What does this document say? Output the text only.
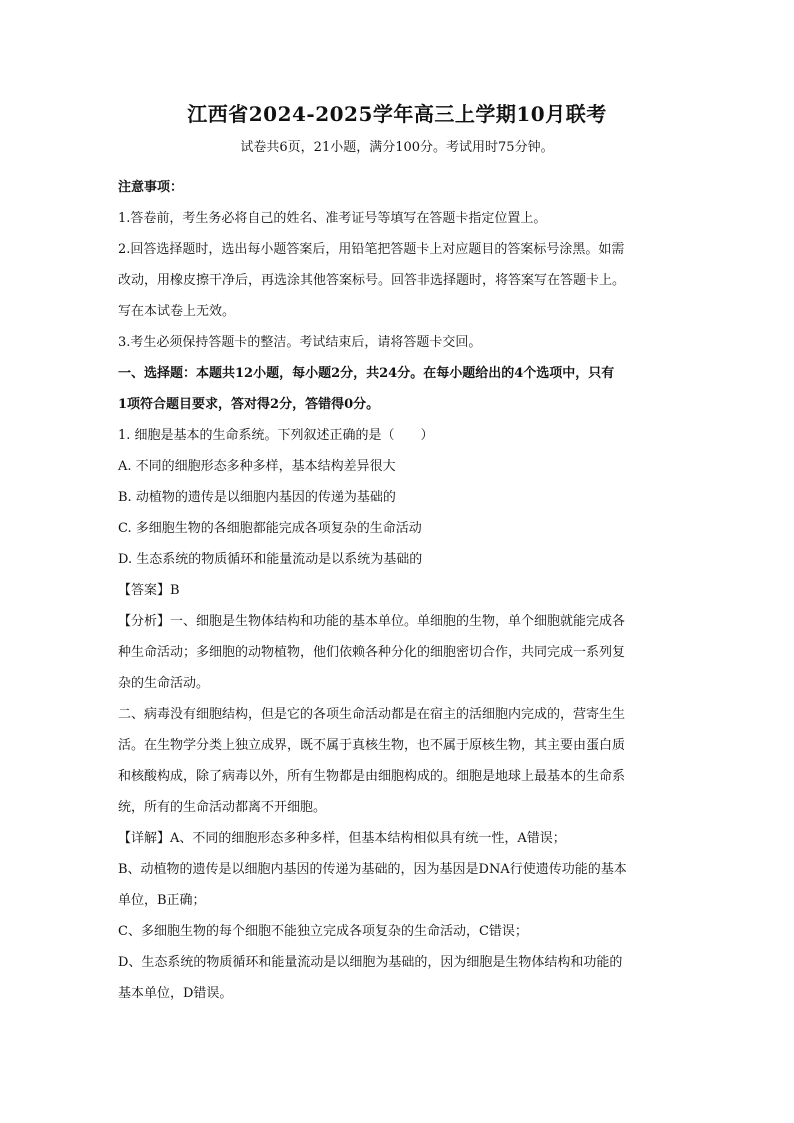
江西省2024-2025学年高三上学期10月联考
试卷共6页，21小题，满分100分。考试用时75分钟。

注意事项：

1.答卷前，考生务必将自己的姓名、准考证号等填写在答题卡指定位置上。

2.回答选择题时，选出每小题答案后，用铅笔把答题卡上对应题目的答案标号涂黑。如需

改动，用橡皮擦干净后，再选涂其他答案标号。回答非选择题时，将答案写在答题卡上。

写在本试卷上无效。

3.考生必须保持答题卡的整洁。考试结束后，请将答题卡交回。

一、选择题：本题共12小题，每小题2分，共24分。在每小题给出的4个选项中，只有

1项符合题目要求，答对得2分，答错得0分。

1. 细胞是基本的生命系统。下列叙述正确的是（　　）

A. 不同的细胞形态多种多样，基本结构差异很大

B. 动植物的遗传是以细胞内基因的传递为基础的

C. 多细胞生物的各细胞都能完成各项复杂的生命活动

D. 生态系统的物质循环和能量流动是以系统为基础的

【答案】B

【分析】一、细胞是生物体结构和功能的基本单位。单细胞的生物，单个细胞就能完成各

种生命活动；多细胞的动物植物，他们依赖各种分化的细胞密切合作，共同完成一系列复

杂的生命活动。

二、病毒没有细胞结构，但是它的各项生命活动都是在宿主的活细胞内完成的，营寄生生

活。在生物学分类上独立成界，既不属于真核生物，也不属于原核生物，其主要由蛋白质

和核酸构成，除了病毒以外，所有生物都是由细胞构成的。细胞是地球上最基本的生命系

统，所有的生命活动都离不开细胞。

【详解】A、不同的细胞形态多种多样，但基本结构相似具有统一性，A错误；

B、动植物的遗传是以细胞内基因的传递为基础的，因为基因是DNA行使遗传功能的基本

单位，B正确；

C、多细胞生物的每个细胞不能独立完成各项复杂的生命活动，C错误；

D、生态系统的物质循环和能量流动是以细胞为基础的，因为细胞是生物体结构和功能的

基本单位，D错误。
